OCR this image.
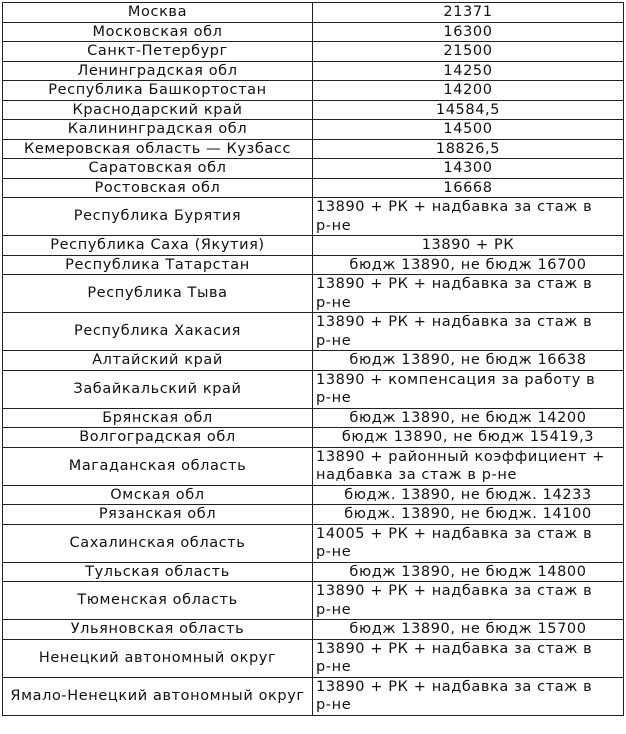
Москва	21371
Московская обл	16300
Санкт-Петербург	21500
Ленинградская обл	14250
Республика Башкортостан	14200
Краснодарский край	14584,5
Калининградская обл	14500
Кемеровская область — Кузбасс	18826,5
Саратовская обл	14300
Ростовская обл	16668
Республика Бурятия	13890 + РК + надбавка за стаж в
р-не

Республика Саха (Якутия)	13890 + РК
Республика Татарстан	бюдж 13890, не бюдж 16700
Республика Тыва	13890 + РК + надбавка за стаж в
р-не

Республика Хакасия	13890 + РК + надбавка за стаж в
р-не

Алтайский край	бюдж 13890, не бюдж 16638
Забайкальский край	13890 + компенсация за работу в
р-не

Брянская обл	бюдж 13890, не бюдж 14200
Волгоградская обл	бюдж 13890, не бюдж 15419,3
Магаданская область	13890 + районный коэффициент +
надбавка за стаж в р-не

Омская обл	бюдж. 13890, не бюдж. 14233
Рязанская обл	бюдж. 13890, не бюдж. 14100
Сахалинская область	14005 + РК + надбавка за стаж в
р-не

Тульская область	бюдж 13890, не бюдж 14800
Тюменская область	13890 + РК + надбавка за стаж в
р-не

Ульяновская область	бюдж 13890, не бюдж 15700
Ненецкий автономный округ	13890 + РК + надбавка за стаж в
р-не

Ямало-Ненецкий автономный округ	13890 + РК + надбавка за стаж в
р-не
